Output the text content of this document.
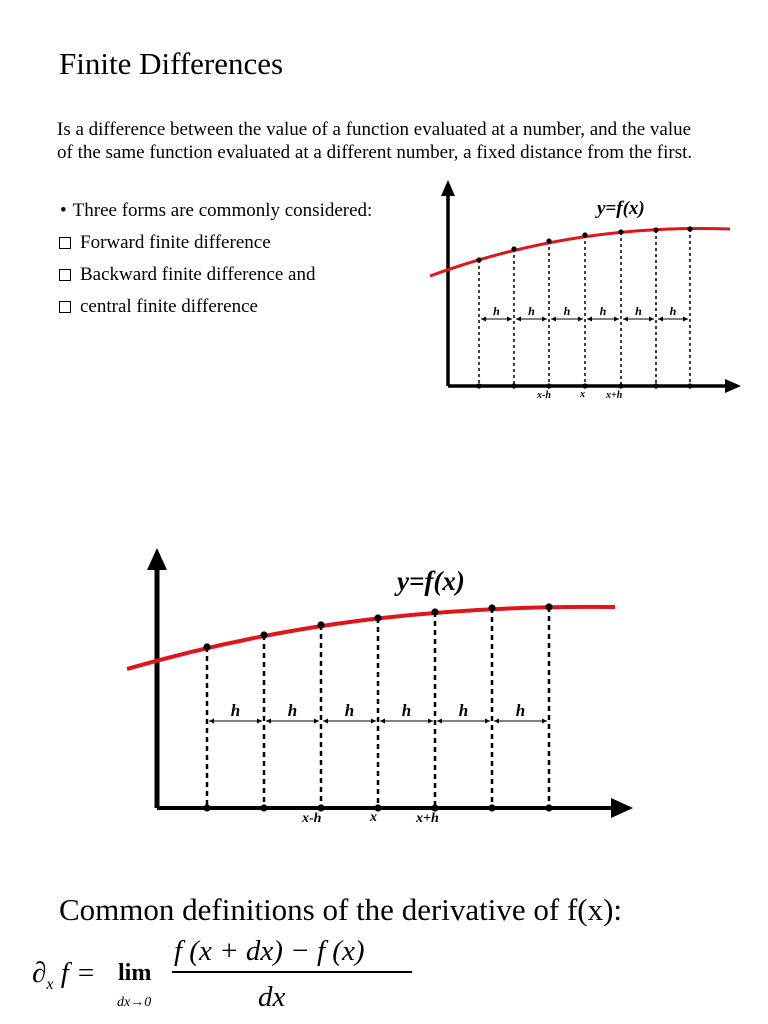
Finite Differences
Is a difference between the value of a function evaluated at a number, and the value of the same function evaluated at a different number, a fixed distance from the first.
• Three forms are commonly considered:
Forward finite difference
Backward finite difference and
central finite difference
y=f(x)
h h h h h h
x-h	x x+h
y=f(x)
h	h	h	h	h	h
x-h	x	x+h
Common definitions of the derivative of f(x):
$\partial_x$ f = lim
dx→0
f (x + dx) − f (x)
dx
